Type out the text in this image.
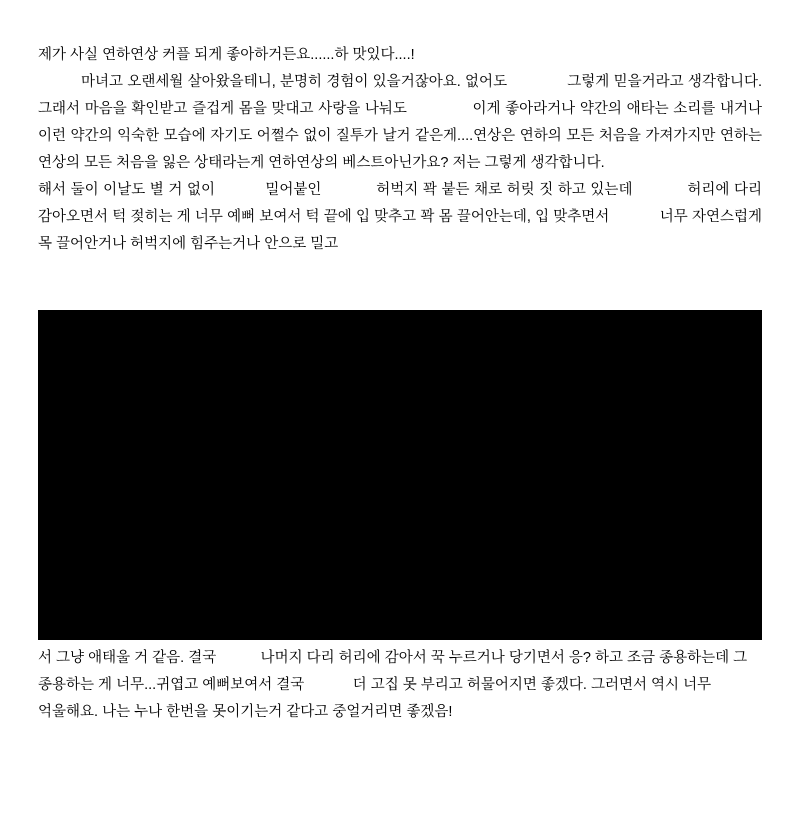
제가 사실 연하연상 커플 되게 좋아하거든요......하 맛있다....!

마녀고 오랜세월 살아왔을테니, 분명히 경험이 있을거잖아요. 없어도              그렇게 믿을거라고 생각합니다. 그래서 마음을 확인받고 즐겁게 몸을 맞대고 사랑을 나눠도              이게 좋아라거나 약간의 애타는 소리를 내거나 이런 약간의 익숙한 모습에 자기도 어쩔수 없이 질투가 날거 같은게....연상은 연하의 모든 처음을 가져가지만 연하는 연상의 모든 처음을 잃은 상태라는게 연하연상의 베스트아닌가요? 저는 그렇게 생각합니다.

해서 둘이 이날도 별 거 없이           밀어붙인            허벅지 꽉 붙든 채로 허릿 짓 하고 있는데            허리에 다리 감아오면서 턱 젖히는 게 너무 예뻐 보여서 턱 끝에 입 맞추고 꽉 몸 끌어안는데, 입 맞추면서            너무 자연스럽게 목 끌어안거나 허벅지에 힘주는거나 안으로 밀고

서 그냥 애태울 거 같음. 결국           나머지 다리 허리에 감아서 꾹 누르거나 당기면서 응? 하고 조금 종용하는데 그 종용하는 게 너무...귀엽고 예뻐보여서 결국            더 고집 못 부리고 허물어지면 좋겠다. 그러면서 역시 너무 억울해요. 나는 누나 한번을 못이기는거 같다고 중얼거리면 좋겠음!
